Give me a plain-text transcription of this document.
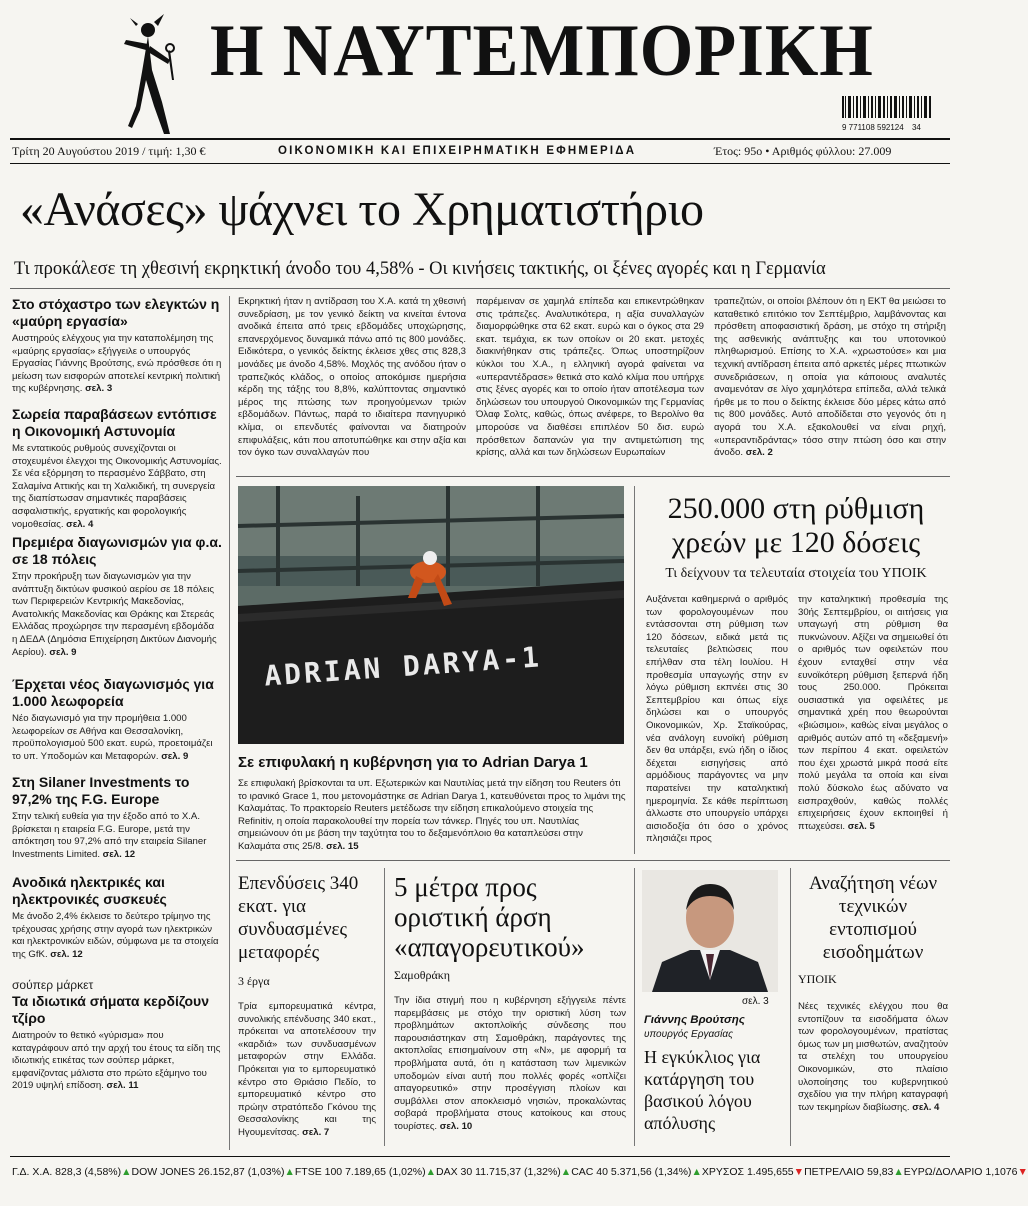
Η ΝΑΥΤΕΜΠΟΡΙΚΗ
9 771108 592124 34
Τρίτη 20 Αυγούστου 2019 / τιμή: 1,30 €	ΟΙΚΟΝΟΜΙΚΗ ΚΑΙ ΕΠΙΧΕΙΡΗΜΑΤΙΚΗ ΕΦΗΜΕΡΙΔΑ	Έτος: 95ο • Αριθμός φύλλου: 27.009
«Ανάσες» ψάχνει το Χρηματιστήριο
Τι προκάλεσε τη χθεσινή εκρηκτική άνοδο του 4,58% - Οι κινήσεις τακτικής, οι ξένες αγορές και η Γερμανία
Εκρηκτική ήταν η αντίδραση του Χ.Α. κατά τη χθεσινή συνεδρίαση, με τον γενικό δείκτη να κινείται έντονα ανοδικά έπειτα από τρεις εβδομάδες υποχώρησης, επανερχόμενος δυναμικά πάνω από τις 800 μονάδες. Ειδικότερα, ο γενικός δείκτης έκλεισε χθες στις 828,3 μονάδες με άνοδο 4,58%. Μοχλός της ανόδου ήταν ο τραπεζικός κλάδος, ο οποίος αποκόμισε ημερήσια κέρδη της τάξης του 8,8%, καλύπτοντας σημαντικό μέρος της πτώσης των προηγούμενων τριών εβδομάδων. Πάντως, παρά το ιδιαίτερα πανηγυρικό κλίμα, οι επενδυτές φαίνονται να διατηρούν επιφυλάξεις, κάτι που αποτυπώθηκε και στην αξία και τον όγκο των συναλλαγών που
παρέμειναν σε χαμηλά επίπεδα και επικεντρώθηκαν στις τράπεζες. Αναλυτικότερα, η αξία συναλλαγών διαμορφώθηκε στα 62 εκατ. ευρώ και ο όγκος στα 29 εκατ. τεμάχια, εκ των οποίων οι 20 εκατ. μετοχές διακινήθηκαν στις τράπεζες. Όπως υποστηρίζουν κύκλοι του Χ.Α., η ελληνική αγορά φαίνεται να «υπεραντέδρασε» θετικά στο καλό κλίμα που υπήρχε στις ξένες αγορές και το οποίο ήταν αποτέλεσμα των δηλώσεων του υπουργού Οικονομικών της Γερμανίας Όλαφ Σολτς, καθώς, όπως ανέφερε, το Βερολίνο θα μπορούσε να διαθέσει επιπλέον 50 δισ. ευρώ πρόσθετων δαπανών για την αντιμετώπιση της κρίσης, αλλά και των δηλώσεων Ευρωπαίων
τραπεζιτών, οι οποίοι βλέπουν ότι η ΕΚΤ θα μειώσει το καταθετικό επιτόκιο τον Σεπτέμβριο, λαμβάνοντας και πρόσθετη αποφασιστική δράση, με στόχο τη στήριξη της ασθενικής ανάπτυξης και του υποτονικού πληθωρισμού. Επίσης το Χ.Α. «χρωστούσε» και μια τεχνική αντίδραση έπειτα από αρκετές μέρες πτωτικών συνεδριάσεων, η οποία για κάποιους αναλυτές αναμενόταν σε λίγο χαμηλότερα επίπεδα, αλλά τελικά ήρθε με το που ο δείκτης έκλεισε δύο μέρες κάτω από τις 800 μονάδες. Αυτό αποδίδεται στο γεγονός ότι η αγορά του Χ.Α. εξακολουθεί να είναι ρηχή, «υπεραντιδράντας» τόσο στην πτώση όσο και στην άνοδο. σελ. 2
Στο στόχαστρο των ελεγκτών η «μαύρη εργασία»
Αυστηρούς ελέγχους για την καταπολέμηση της «μαύρης εργασίας» εξήγγειλε ο υπουργός Εργασίας Γιάννης Βρούτσης, ενώ πρόσθεσε ότι η μείωση των εισφορών αποτελεί κεντρική πολιτική της κυβέρνησης. σελ. 3
Σωρεία παραβάσεων εντόπισε η Οικονομική Αστυνομία
Με εντατικούς ρυθμούς συνεχίζονται οι στοχευμένοι έλεγχοι της Οικονομικής Αστυνομίας. Σε νέα εξόρμηση το περασμένο Σάββατο, στη Σαλαμίνα Αττικής και τη Χαλκιδική, τη συνεργεία της διαπίστωσαν σημαντικές παραβάσεις ασφαλιστικής, εργατικής και φορολογικής νομοθεσίας. σελ. 4
Πρεμιέρα διαγωνισμών για φ.α. σε 18 πόλεις
Στην προκήρυξη των διαγωνισμών για την ανάπτυξη δικτύων φυσικού αερίου σε 18 πόλεις των Περιφερειών Κεντρικής Μακεδονίας, Ανατολικής Μακεδονίας και Θράκης και Στερεάς Ελλάδας προχώρησε την περασμένη εβδομάδα η ΔΕΔΑ (Δημόσια Επιχείρηση Δικτύων Διανομής Αερίου). σελ. 9
Έρχεται νέος διαγωνισμός για 1.000 λεωφορεία
Νέο διαγωνισμό για την προμήθεια 1.000 λεωφορείων σε Αθήνα και Θεσσαλονίκη, προϋπολογισμού 500 εκατ. ευρώ, προετοιμάζει το υπ. Υποδομών και Μεταφορών. σελ. 9
Στη Silaner Investments το 97,2% της F.G. Europe
Στην τελική ευθεία για την έξοδο από το Χ.Α. βρίσκεται η εταιρεία F.G. Europe, μετά την απόκτηση του 97,2% από την εταιρεία Silaner Investments Limited. σελ. 12
Ανοδικά ηλεκτρικές και ηλεκτρονικές συσκευές
Με άνοδο 2,4% έκλεισε το δεύτερο τρίμηνο της τρέχουσας χρήσης στην αγορά των ηλεκτρικών και ηλεκτρονικών ειδών, σύμφωνα με τα στοιχεία της GfK. σελ. 12
σούπερ μάρκετ
Τα ιδιωτικά σήματα κερδίζουν τζίρο
Διατηρούν το θετικό «γύρισμα» που καταγράφουν από την αρχή του έτους τα είδη της ιδιωτικής ετικέτας των σούπερ μάρκετ, εμφανίζοντας μάλιστα στο πρώτο εξάμηνο του 2019 υψηλή επίδοση. σελ. 11
ADRIAN DARYA-1
Σε επιφυλακή η κυβέρνηση για το Adrian Darya 1
Σε επιφυλακή βρίσκονται τα υπ. Εξωτερικών και Ναυτιλίας μετά την είδηση του Reuters ότι το ιρανικό Grace 1, που μετονομάστηκε σε Adrian Darya 1, κατευθύνεται προς το λιμάνι της Καλαμάτας. Το πρακτορείο Reuters μετέδωσε την είδηση επικαλούμενο στοιχεία της Refinitiv, η οποία παρακολουθεί την πορεία των τάνκερ. Πηγές του υπ. Ναυτιλίας σημειώνουν ότι με βάση την ταχύτητα του το δεξαμενόπλοιο θα καταπλεύσει στην Καλαμάτα στις 25/8. σελ. 15
250.000 στη ρύθμιση χρεών με 120 δόσεις
Τι δείχνουν τα τελευταία στοιχεία του ΥΠΟΙΚ
Αυξάνεται καθημερινά ο αριθμός των φορολογουμένων που εντάσσονται στη ρύθμιση των 120 δόσεων, ειδικά μετά τις τελευταίες βελτιώσεις που επήλθαν στα τέλη Ιουλίου. Η προθεσμία υπαγωγής στην εν λόγω ρύθμιση εκπνέει στις 30 Σεπτεμβρίου και όπως είχε δηλώσει και ο υπουργός Οικονομικών, Χρ. Σταϊκούρας, νέα ανάλογη ευνοϊκή ρύθμιση δεν θα υπάρξει, ενώ ήδη ο ίδιος δέχεται εισηγήσεις από αρμόδιους παράγοντες να μην παρατείνει την καταληκτική ημερομηνία. Σε κάθε περίπτωση άλλωστε στο υπουργείο υπάρχει αισιοδοξία ότι όσο ο χρόνος πλησιάζει προς
την καταληκτική προθεσμία της 30ής Σεπτεμβρίου, οι αιτήσεις για υπαγωγή στη ρύθμιση θα πυκνώνουν. Αξίζει να σημειωθεί ότι ο αριθμός των οφειλετών που έχουν ενταχθεί στην νέα ευνοϊκότερη ρύθμιση ξεπερνά ήδη τους 250.000. Πρόκειται ουσιαστικά για οφειλέτες με σημαντικά χρέη που θεωρούνται «βιώσιμοι», καθώς είναι μεγάλος ο αριθμός αυτών από τη «δεξαμενή» των περίπου 4 εκατ. οφειλετών που έχει χρωστά μικρά ποσά είτε πολύ μεγάλα τα οποία και είναι πολύ δύσκολο έως αδύνατο να εισπραχθούν, καθώς πολλές επιχειρήσεις έχουν εκποιηθεί ή πτωχεύσει. σελ. 5
Επενδύσεις 340 εκατ. για συνδυασμένες μεταφορές
3 έργα
Τρία εμπορευματικά κέντρα, συνολικής επένδυσης 340 εκατ., πρόκειται να αποτελέσουν την «καρδιά» των συνδυασμένων μεταφορών στην Ελλάδα. Πρόκειται για το εμπορευματικό κέντρο στο Θριάσιο Πεδίο, το εμπορευματικό κέντρο στο πρώην στρατόπεδο Γκόνου της Θεσσαλονίκης και της Ηγουμενίτσας. σελ. 7
5 μέτρα προς οριστική άρση «απαγορευτικού»
Σαμοθράκη
Την ίδια στιγμή που η κυβέρνηση εξήγγειλε πέντε παρεμβάσεις με στόχο την οριστική λύση των προβλημάτων ακτοπλοϊκής σύνδεσης που παρουσιάστηκαν στη Σαμοθράκη, παράγοντες της ακτοπλοΐας επισημαίνουν στη «Ν», με αφορμή τα προβλήματα αυτά, ότι η κατάσταση των λιμενικών υποδομών είναι αυτή που πολλές φορές «οπλίζει απαγορευτικό» στην προσέγγιση πλοίων και συμβάλλει στον αποκλεισμό νησιών, προκαλώντας σοβαρά προβλήματα στους κατοίκους και στους τουρίστες. σελ. 10
σελ. 3
Γιάννης Βρούτσης
υπουργός Εργασίας
Η εγκύκλιος για κατάργηση του βασικού λόγου απόλυσης
Αναζήτηση νέων τεχνικών εντοπισμού εισοδημάτων
ΥΠΟΙΚ
Νέες τεχνικές ελέγχου που θα εντοπίζουν τα εισοδήματα όλων των φορολογουμένων, πρατίστας όμως των μη μισθωτών, αναζητούν τα στελέχη του υπουργείου Οικονομικών, στο πλαίσιο υλοποίησης του κυβερνητικού σχεδίου για την πλήρη καταγραφή των τεκμηρίων διαβίωσης. σελ. 4
Γ.Δ. Χ.Α. 828,3 (4,58%)▲ DOW JONES 26.152,87 (1,03%)▲ FTSE 100 7.189,65 (1,02%)▲ DAX 30 11.715,37 (1,32%)▲ CAC 40 5.371,56 (1,34%)▲ ΧΡΥΣΟΣ 1.495,655▼ ΠΕΤΡΕΛΑΙΟ 59,83▲ ΕΥΡΩ/ΔΟΛΑΡΙΟ 1,1076▼
